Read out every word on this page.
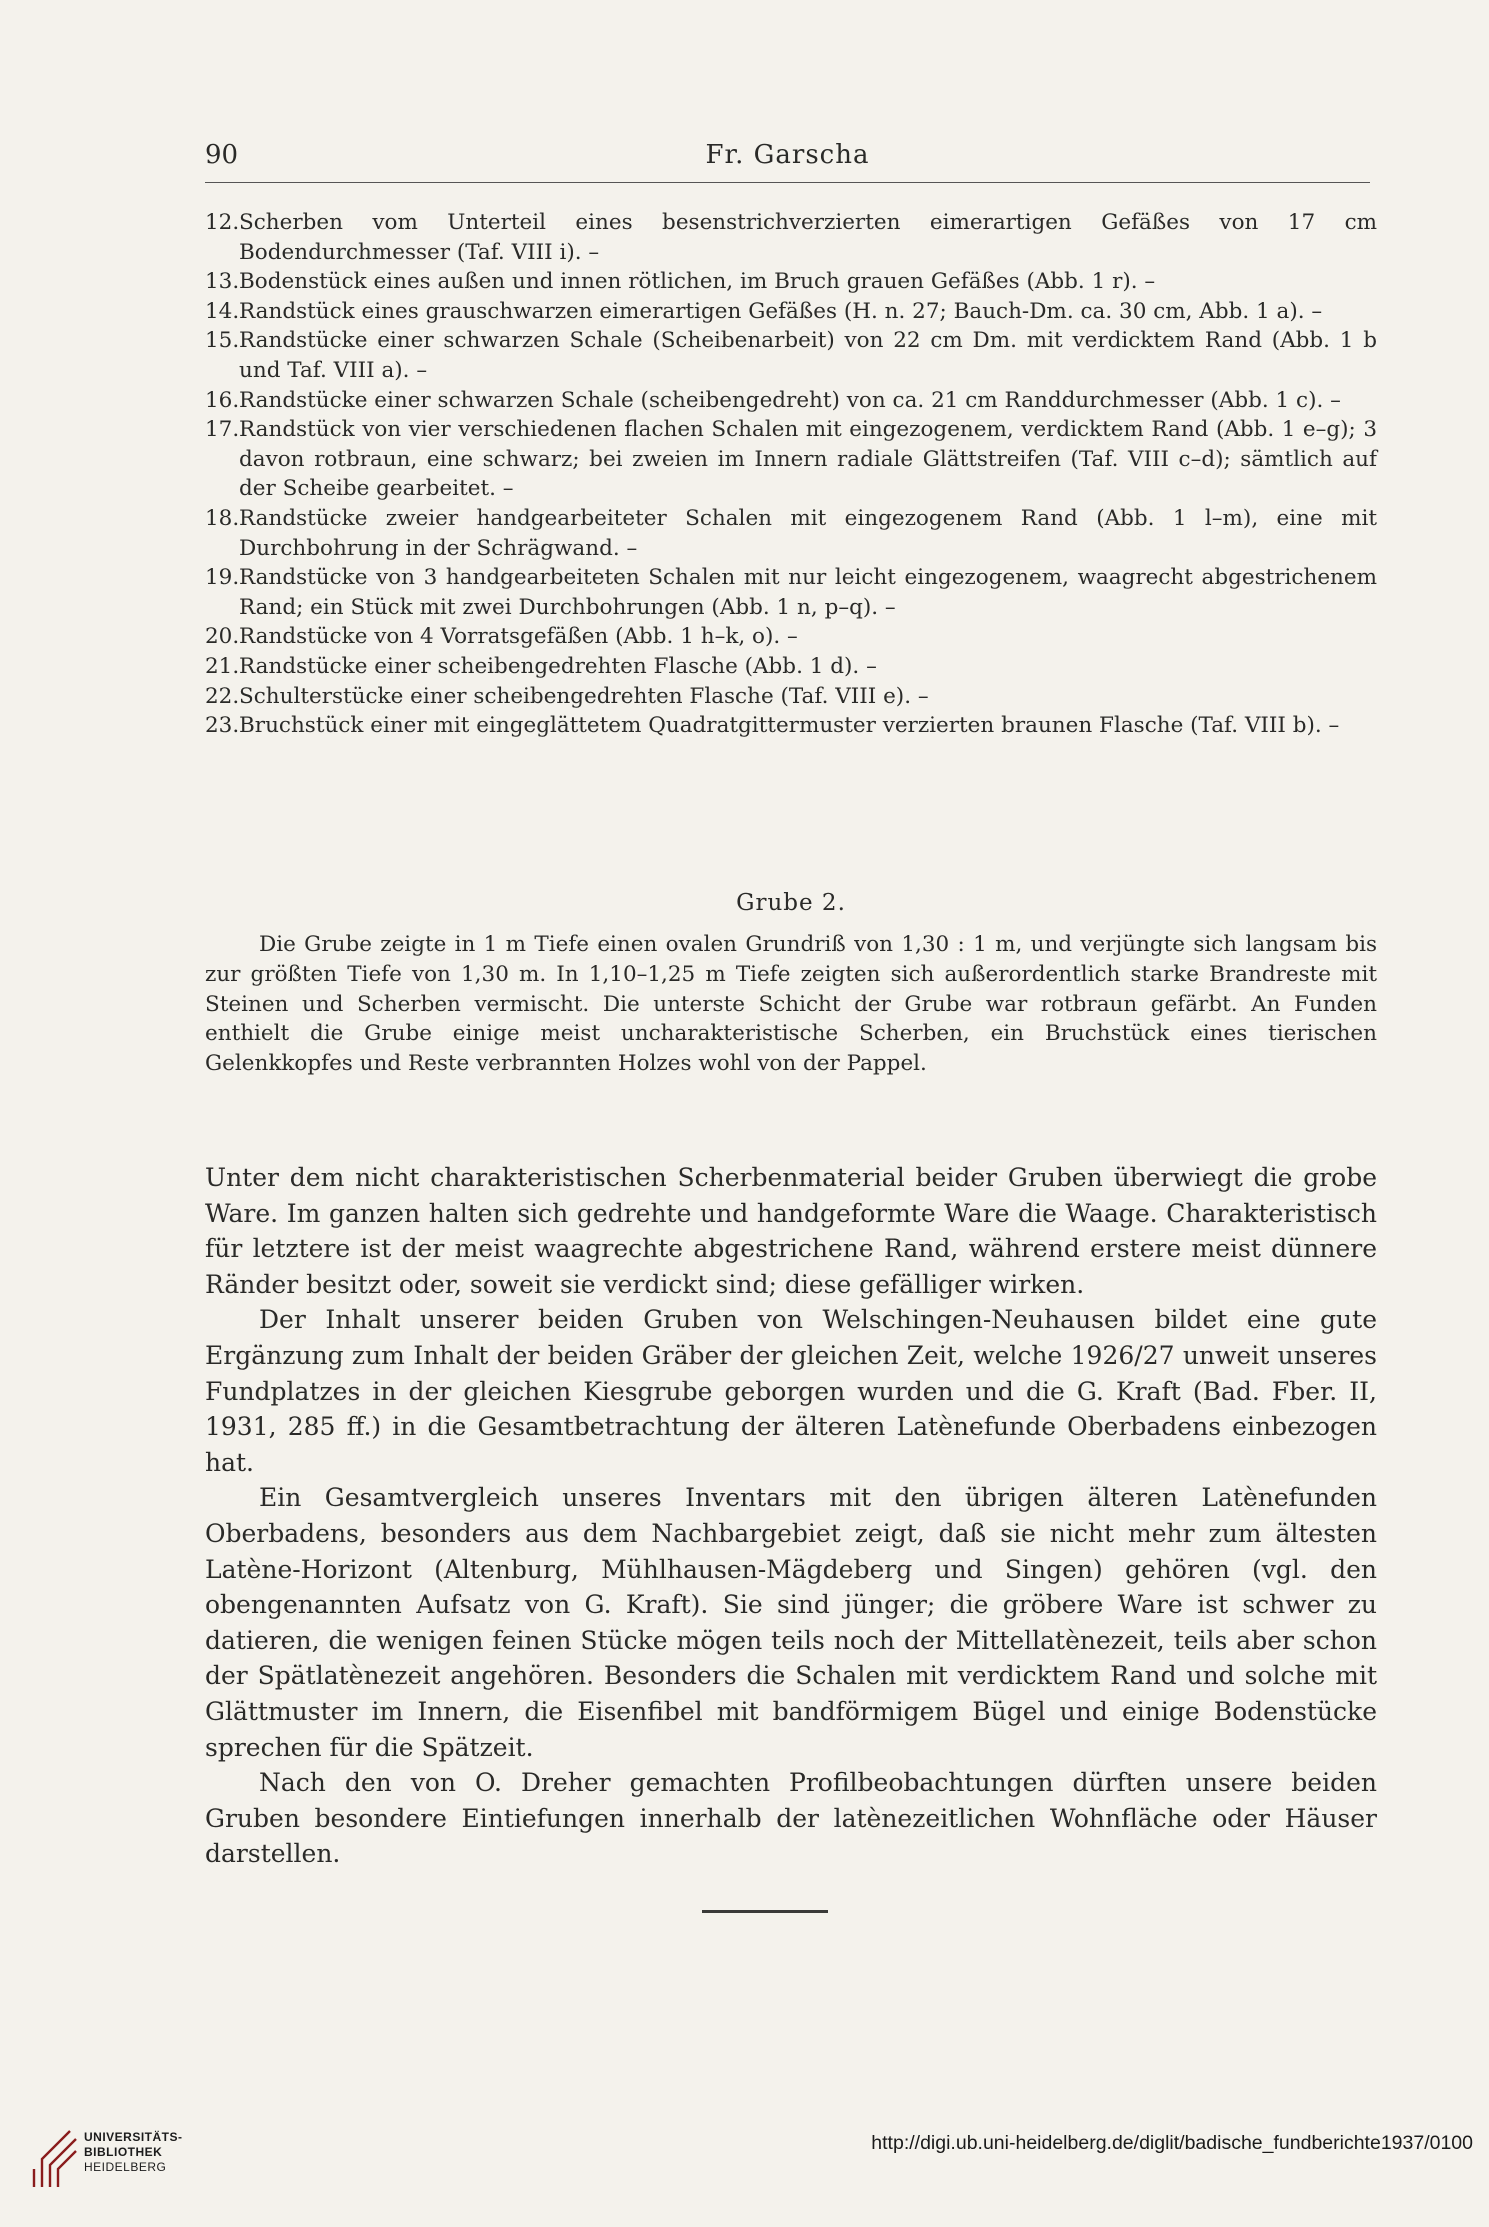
90	Fr. Garscha
12. Scherben vom Unterteil eines besenstrichverzierten eimerartigen Gefäßes von 17 cm Bodendurchmesser (Taf. VIII i). –
13. Bodenstück eines außen und innen rötlichen, im Bruch grauen Gefäßes (Abb. 1 r). –
14. Randstück eines grauschwarzen eimerartigen Gefäßes (H. n. 27; Bauch-Dm. ca. 30 cm, Abb. 1 a). –
15. Randstücke einer schwarzen Schale (Scheibenarbeit) von 22 cm Dm. mit verdicktem Rand (Abb. 1 b und Taf. VIII a). –
16. Randstücke einer schwarzen Schale (scheibengedreht) von ca. 21 cm Randdurchmesser (Abb. 1 c). –
17. Randstück von vier verschiedenen flachen Schalen mit eingezogenem, verdicktem Rand (Abb. 1 e–g); 3 davon rotbraun, eine schwarz; bei zweien im Innern radiale Glättstreifen (Taf. VIII c–d); sämtlich auf der Scheibe gearbeitet. –
18. Randstücke zweier handgearbeiteter Schalen mit eingezogenem Rand (Abb. 1 l–m), eine mit Durchbohrung in der Schrägwand. –
19. Randstücke von 3 handgearbeiteten Schalen mit nur leicht eingezogenem, waagrecht abgestrichenem Rand; ein Stück mit zwei Durchbohrungen (Abb. 1 n, p–q). –
20. Randstücke von 4 Vorratsgefäßen (Abb. 1 h–k, o). –
21. Randstücke einer scheibengedrehten Flasche (Abb. 1 d). –
22. Schulterstücke einer scheibengedrehten Flasche (Taf. VIII e). –
23. Bruchstück einer mit eingeglättetem Quadratgittermuster verzierten braunen Flasche (Taf. VIII b). –
Grube 2.
Die Grube zeigte in 1 m Tiefe einen ovalen Grundriß von 1,30 : 1 m, und verjüngte sich langsam bis zur größten Tiefe von 1,30 m. In 1,10–1,25 m Tiefe zeigten sich außerordentlich starke Brandreste mit Steinen und Scherben vermischt. Die unterste Schicht der Grube war rotbraun gefärbt. An Funden enthielt die Grube einige meist uncharakteristische Scherben, ein Bruchstück eines tierischen Gelenkkopfes und Reste verbrannten Holzes wohl von der Pappel.

Unter dem nicht charakteristischen Scherbenmaterial beider Gruben überwiegt die grobe Ware. Im ganzen halten sich gedrehte und handgeformte Ware die Waage. Charakteristisch für letztere ist der meist waagrechte abgestrichene Rand, während erstere meist dünnere Ränder besitzt oder, soweit sie verdickt sind; diese gefälliger wirken.

Der Inhalt unserer beiden Gruben von Welschingen-Neuhausen bildet eine gute Ergänzung zum Inhalt der beiden Gräber der gleichen Zeit, welche 1926/27 unweit unseres Fundplatzes in der gleichen Kiesgrube geborgen wurden und die G. Kraft (Bad. Fber. II, 1931, 285 ff.) in die Gesamtbetrachtung der älteren Latènefunde Oberbadens einbezogen hat.

Ein Gesamtvergleich unseres Inventars mit den übrigen älteren Latènefunden Oberbadens, besonders aus dem Nachbargebiet zeigt, daß sie nicht mehr zum ältesten Latène-Horizont (Altenburg, Mühlhausen-Mägdeberg und Singen) gehören (vgl. den obengenannten Aufsatz von G. Kraft). Sie sind jünger; die gröbere Ware ist schwer zu datieren, die wenigen feinen Stücke mögen teils noch der Mittellatènezeit, teils aber schon der Spätlatènezeit angehören. Besonders die Schalen mit verdicktem Rand und solche mit Glättmuster im Innern, die Eisenfibel mit bandförmigem Bügel und einige Bodenstücke sprechen für die Spätzeit.

Nach den von O. Dreher gemachten Profilbeobachtungen dürften unsere beiden Gruben besondere Eintiefungen innerhalb der latènezeitlichen Wohnfläche oder Häuser darstellen.

UNIVERSITÄTS-
BIBLIOTHEK
HEIDELBERG
http://digi.ub.uni-heidelberg.de/diglit/badische_fundberichte1937/0100
